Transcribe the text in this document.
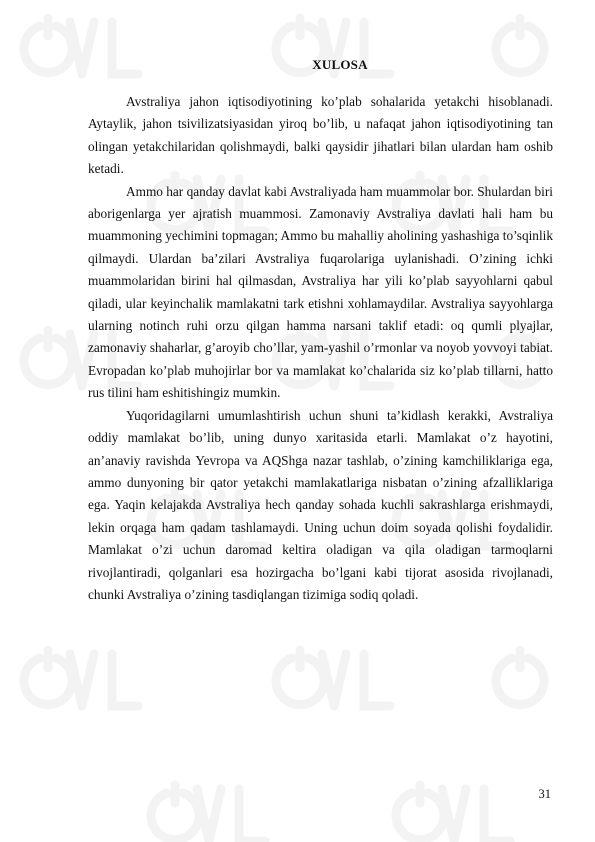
XULOSA

Avstraliya jahon iqtisodiyotining ko’plab sohalarida yetakchi hisoblanadi. Aytaylik, jahon tsivilizatsiyasidan yiroq bo’lib, u nafaqat jahon iqtisodiyotining tan olingan yetakchilaridan qolishmaydi, balki qaysidir jihatlari bilan ulardan ham oshib ketadi.

Ammo har qanday davlat kabi Avstraliyada ham muammolar bor. Shulardan biri aborigenlarga yer ajratish muammosi. Zamonaviy Avstraliya davlati hali ham bu muammoning yechimini topmagan; Ammo bu mahalliy aholining yashashiga to’sqinlik qilmaydi. Ulardan ba’zilari Avstraliya fuqarolariga uylanishadi. O’zining ichki muammolaridan birini hal qilmasdan, Avstraliya har yili ko’plab sayyohlarni qabul qiladi, ular keyinchalik mamlakatni tark etishni xohlamaydilar. Avstraliya sayyohlarga ularning notinch ruhi orzu qilgan hamma narsani taklif etadi: oq qumli plyajlar, zamonaviy shaharlar, g’aroyib cho’llar, yam-yashil o’rmonlar va noyob yovvoyi tabiat. Evropadan ko’plab muhojirlar bor va mamlakat ko’chalarida siz ko’plab tillarni, hatto rus tilini ham eshitishingiz mumkin.

Yuqoridagilarni umumlashtirish uchun shuni ta’kidlash kerakki, Avstraliya oddiy mamlakat bo’lib, uning dunyo xaritasida etarli. Mamlakat o’z hayotini, an’anaviy ravishda Yevropa va AQShga nazar tashlab, o’zining kamchiliklariga ega, ammo dunyoning bir qator yetakchi mamlakatlariga nisbatan o’zining afzalliklariga ega. Yaqin kelajakda Avstraliya hech qanday sohada kuchli sakrashlarga erishmaydi, lekin orqaga ham qadam tashlamaydi. Uning uchun doim soyada qolishi foydalidir. Mamlakat o’zi uchun daromad keltira oladigan va qila oladigan tarmoqlarni rivojlantiradi, qolganlari esa hozirgacha bo’lgani kabi tijorat asosida rivojlanadi, chunki Avstraliya o’zining tasdiqlangan tizimiga sodiq qoladi.

31
